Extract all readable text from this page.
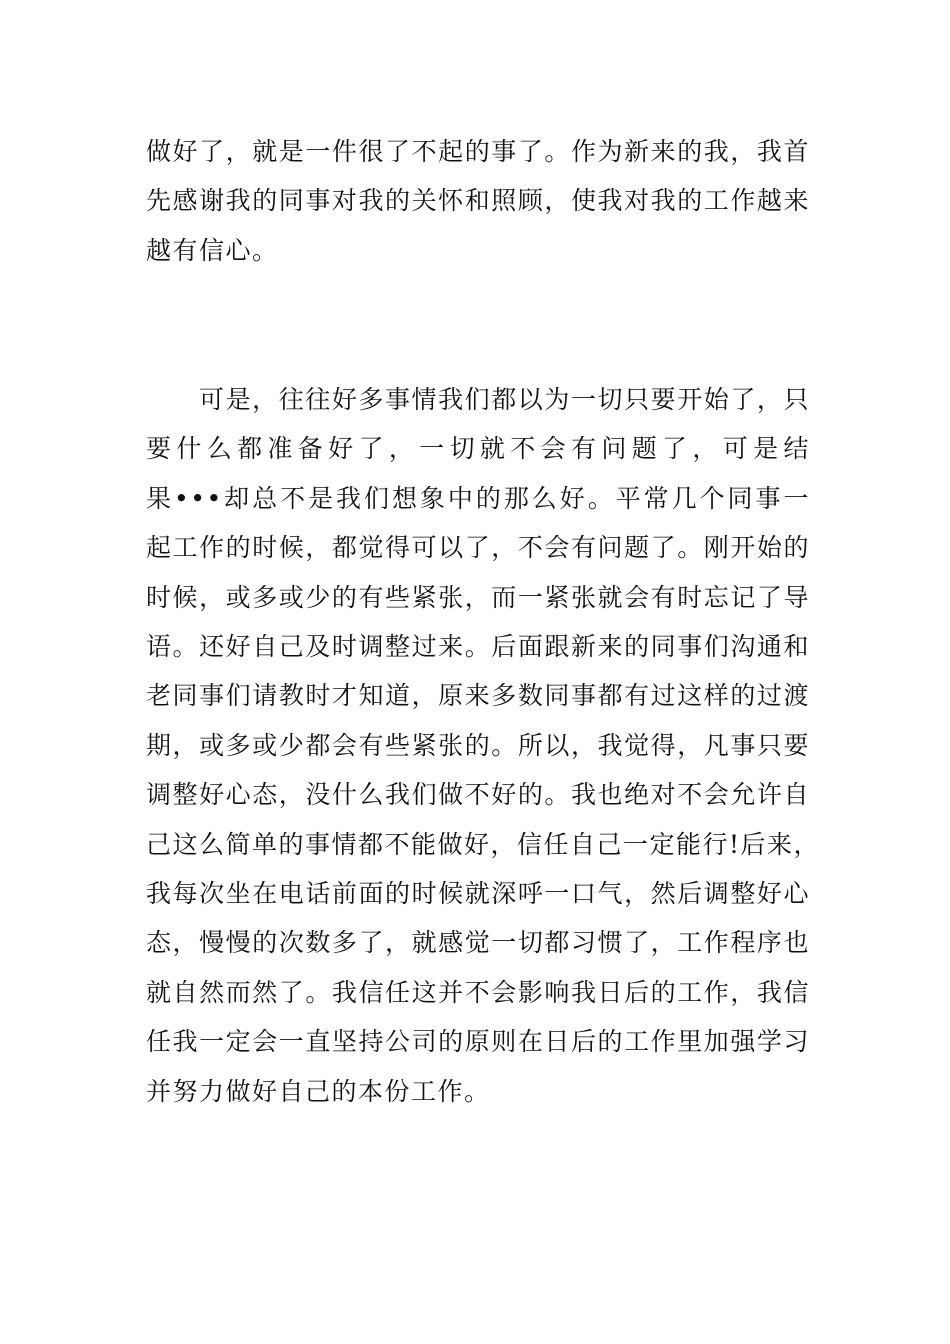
做好了，就是一件很了不起的事了。作为新来的我，我首
先感谢我的同事对我的关怀和照顾，使我对我的工作越来
越有信心。
可是，往往好多事情我们都以为一切只要开始了，只
要什么都准备好了，一切就不会有问题了，可是结
果•••却总不是我们想象中的那么好。平常几个同事一
起工作的时候，都觉得可以了，不会有问题了。刚开始的
时候，或多或少的有些紧张，而一紧张就会有时忘记了导
语。还好自己及时调整过来。后面跟新来的同事们沟通和
老同事们请教时才知道，原来多数同事都有过这样的过渡
期，或多或少都会有些紧张的。所以，我觉得，凡事只要
调整好心态，没什么我们做不好的。我也绝对不会允许自
己这么简单的事情都不能做好，信任自己一定能行!后来，
我每次坐在电话前面的时候就深呼一口气，然后调整好心
态，慢慢的次数多了，就感觉一切都习惯了，工作程序也
就自然而然了。我信任这并不会影响我日后的工作，我信
任我一定会一直坚持公司的原则在日后的工作里加强学习
并努力做好自己的本份工作。
